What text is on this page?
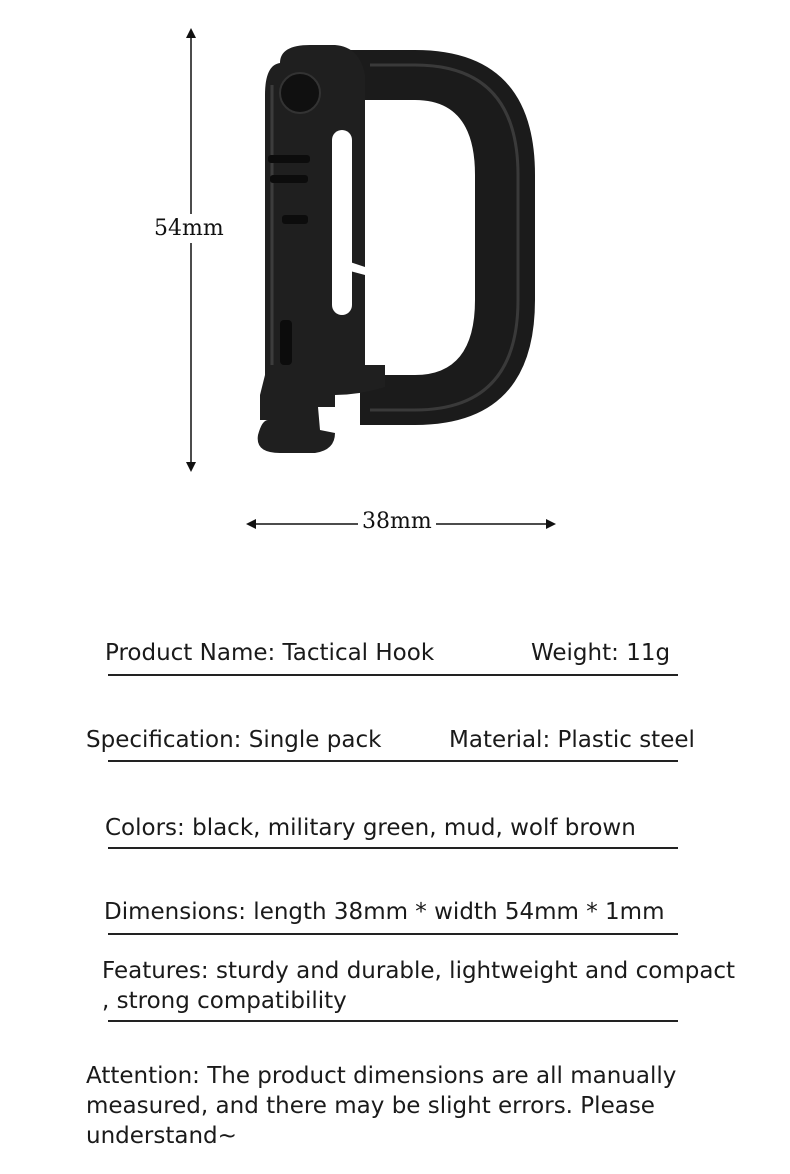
54mm
38mm
Product Name: Tactical Hook	Weight: 11g
Specification: Single pack	Material: Plastic steel
Colors: black, military green, mud, wolf brown
Dimensions: length 38mm * width 54mm * 1mm
Features: sturdy and durable, lightweight and compact
, strong compatibility
Attention: The product dimensions are all manually
measured, and there may be slight errors. Please
understand~
